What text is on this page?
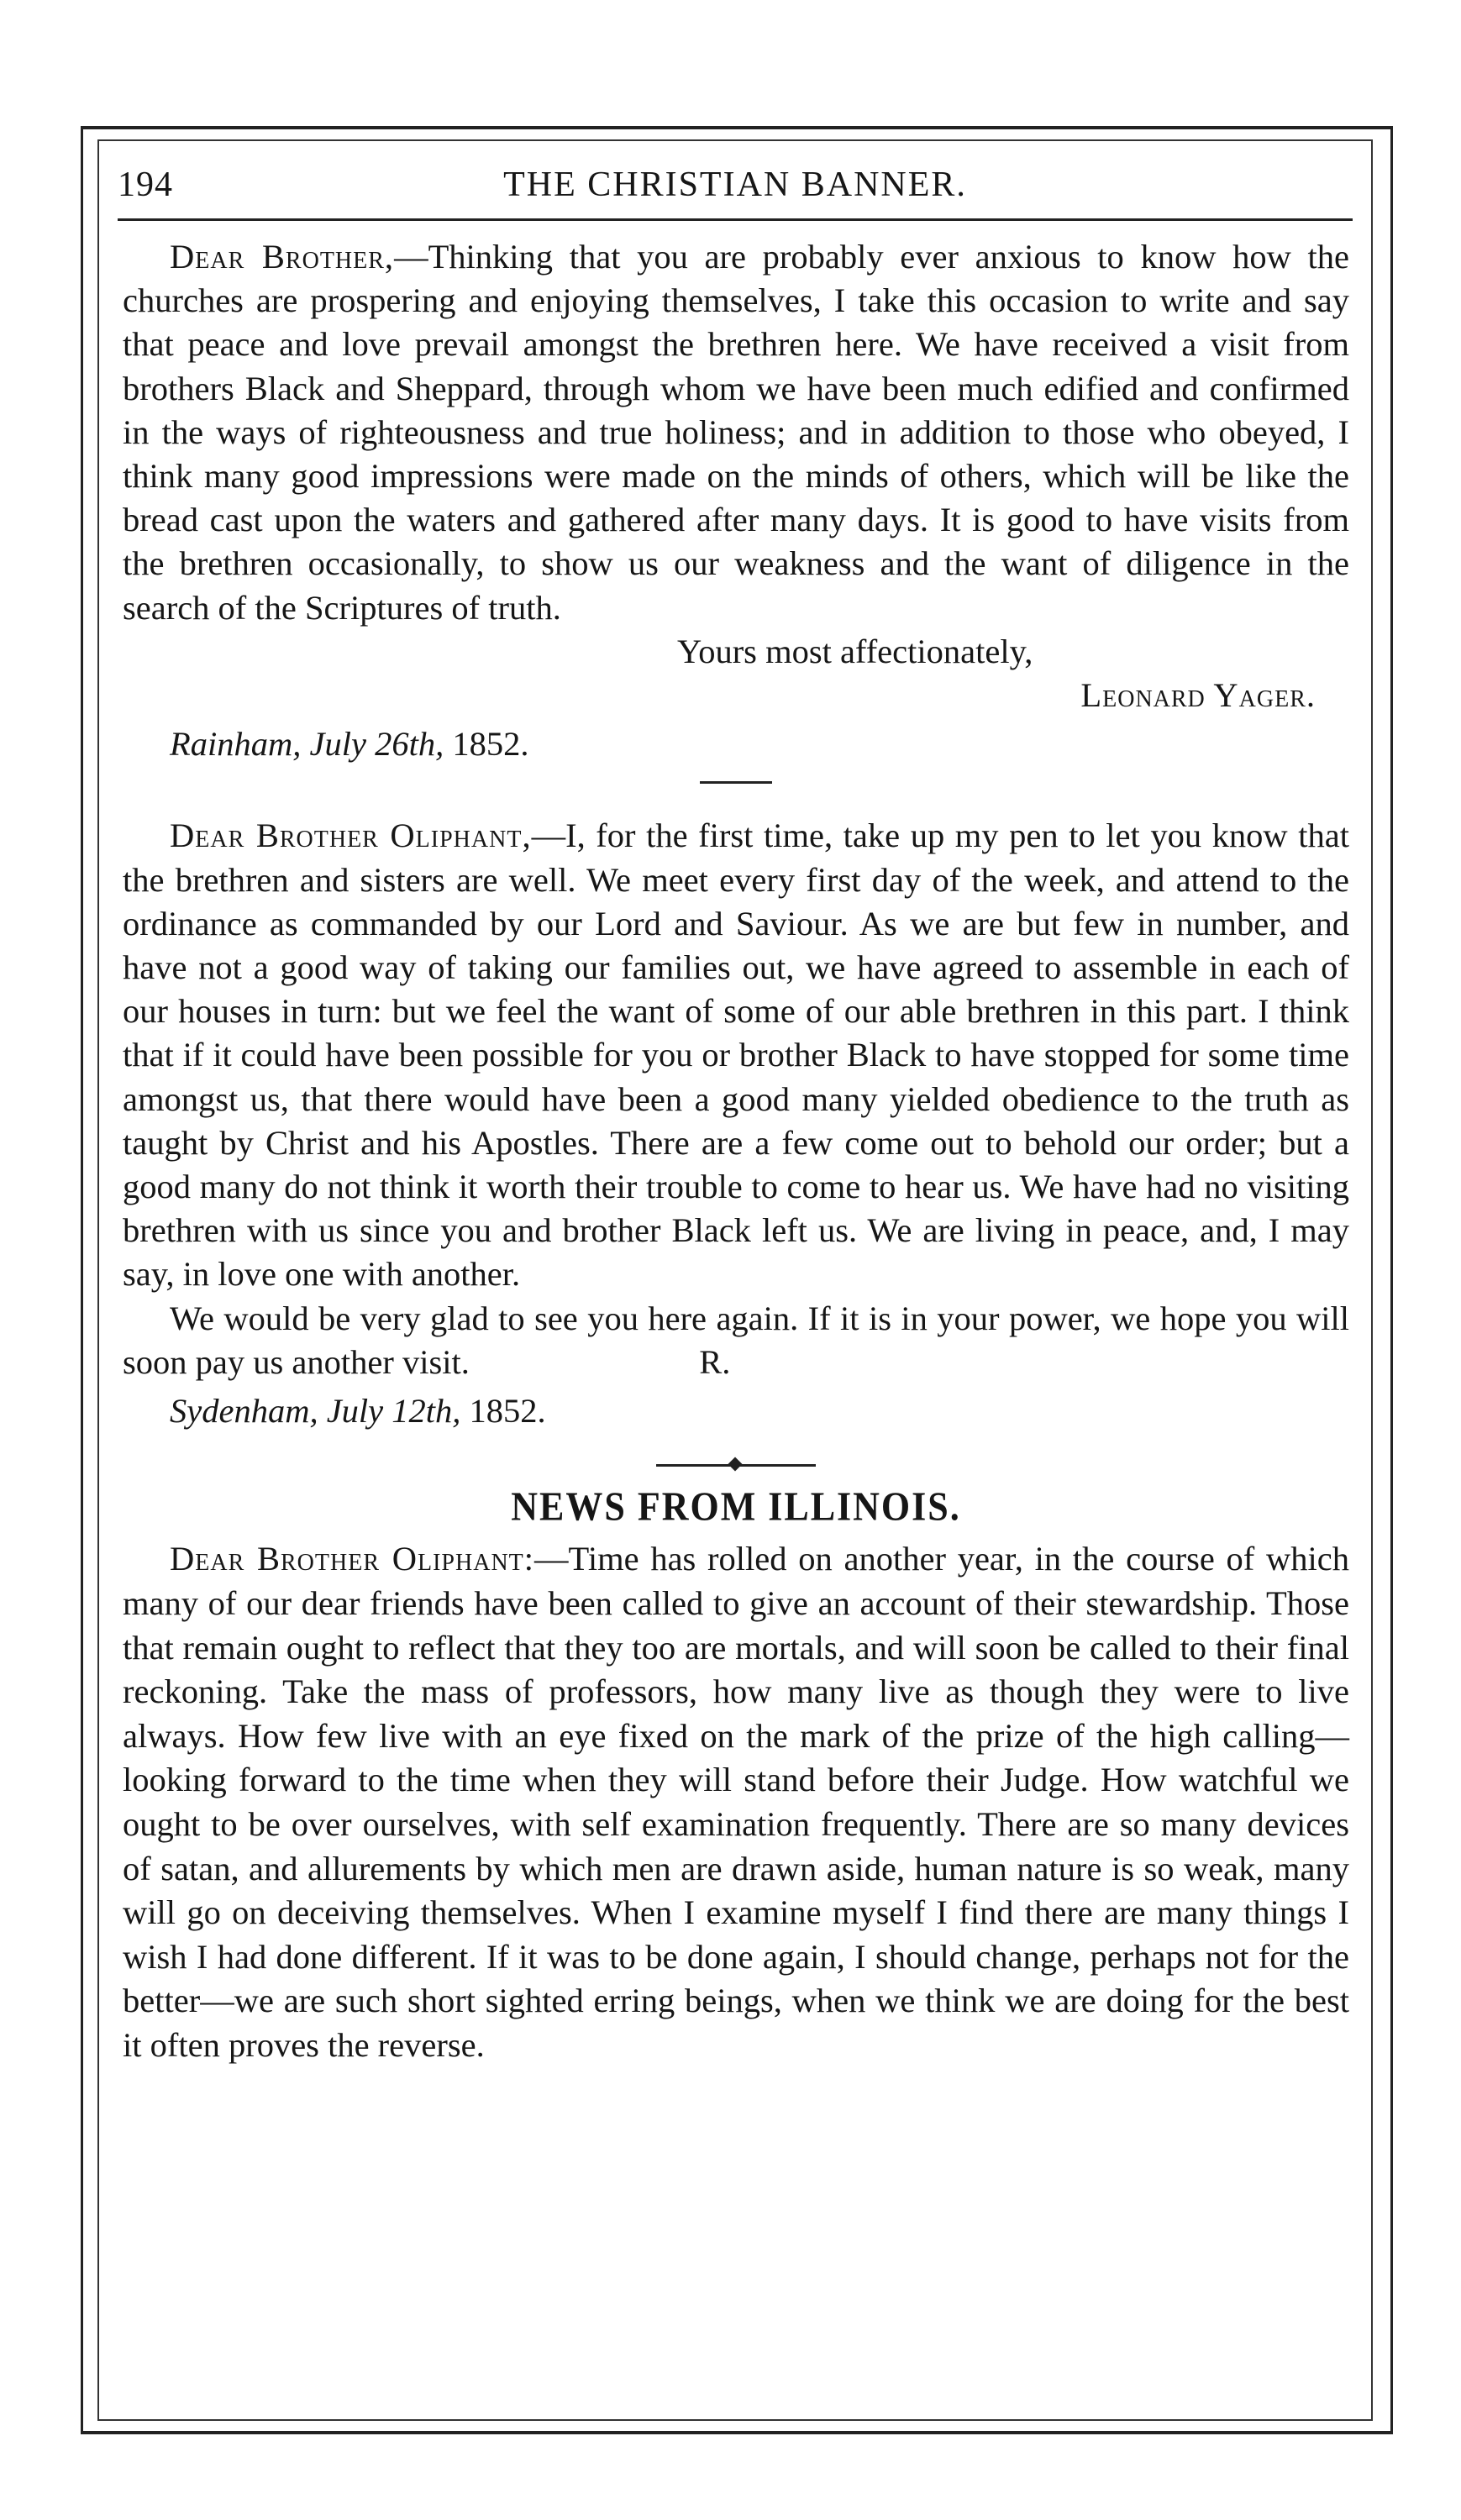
194	THE CHRISTIAN BANNER.

Dear Brother,—Thinking that you are probably ever anxious to know how the churches are prospering and enjoying themselves, I take this occasion to write and say that peace and love prevail amongst the brethren here. We have received a visit from brothers Black and Sheppard, through whom we have been much edified and confirmed in the ways of righteousness and true holiness; and in addition to those who obeyed, I think many good impressions were made on the minds of others, which will be like the bread cast upon the waters and gathered after many days. It is good to have visits from the brethren occasionally, to show us our weakness and the want of diligence in the search of the Scriptures of truth.

Yours most affectionately,

Leonard Yager.

Rainham, July 26th, 1852.

Dear Brother Oliphant,—I, for the first time, take up my pen to let you know that the brethren and sisters are well. We meet every first day of the week, and attend to the ordinance as commanded by our Lord and Saviour. As we are but few in number, and have not a good way of taking our families out, we have agreed to assemble in each of our houses in turn: but we feel the want of some of our able brethren in this part. I think that if it could have been possible for you or brother Black to have stopped for some time amongst us, that there would have been a good many yielded obedience to the truth as taught by Christ and his Apostles. There are a few come out to behold our order; but a good many do not think it worth their trouble to come to hear us. We have had no visiting brethren with us since you and brother Black left us. We are living in peace, and, I may say, in love one with another.

We would be very glad to see you here again. If it is in your power, we hope you will soon pay us another visit.	R.

Sydenham, July 12th, 1852.

NEWS FROM ILLINOIS.

Dear Brother Oliphant:—Time has rolled on another year, in the course of which many of our dear friends have been called to give an account of their stewardship. Those that remain ought to reflect that they too are mortals, and will soon be called to their final reckoning. Take the mass of professors, how many live as though they were to live always. How few live with an eye fixed on the mark of the prize of the high calling—looking forward to the time when they will stand before their Judge. How watchful we ought to be over ourselves, with self examination frequently. There are so many devices of satan, and allurements by which men are drawn aside, human nature is so weak, many will go on deceiving themselves. When I examine myself I find there are many things I wish I had done different. If it was to be done again, I should change, perhaps not for the better—we are such short sighted erring beings, when we think we are doing for the best it often proves the reverse.
